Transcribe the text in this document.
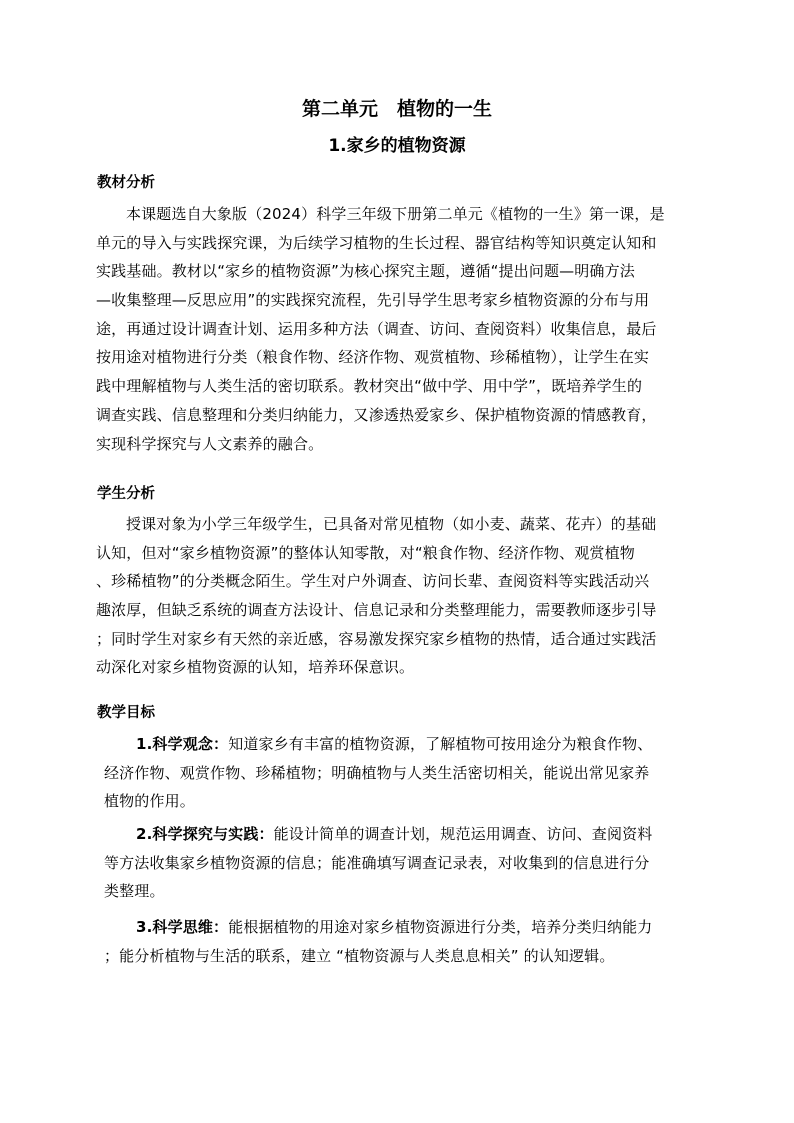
第二单元　植物的一生
1.家乡的植物资源
教材分析
本课题选自大象版（2024）科学三年级下册第二单元《植物的一生》第一课，是
单元的导入与实践探究课，为后续学习植物的生长过程、器官结构等知识奠定认知和
实践基础。教材以“家乡的植物资源”为核心探究主题，遵循“提出问题—明确方法
—收集整理—反思应用”的实践探究流程，先引导学生思考家乡植物资源的分布与用
途，再通过设计调查计划、运用多种方法（调查、访问、查阅资料）收集信息，最后
按用途对植物进行分类（粮食作物、经济作物、观赏植物、珍稀植物），让学生在实
践中理解植物与人类生活的密切联系。教材突出“做中学、用中学”，既培养学生的
调查实践、信息整理和分类归纳能力，又渗透热爱家乡、保护植物资源的情感教育，
实现科学探究与人文素养的融合。
学生分析
授课对象为小学三年级学生，已具备对常见植物（如小麦、蔬菜、花卉）的基础
认知，但对“家乡植物资源”的整体认知零散，对“粮食作物、经济作物、观赏植物
、珍稀植物”的分类概念陌生。学生对户外调查、访问长辈、查阅资料等实践活动兴
趣浓厚，但缺乏系统的调查方法设计、信息记录和分类整理能力，需要教师逐步引导
；同时学生对家乡有天然的亲近感，容易激发探究家乡植物的热情，适合通过实践活
动深化对家乡植物资源的认知，培养环保意识。
教学目标
1.科学观念：知道家乡有丰富的植物资源，了解植物可按用途分为粮食作物、
经济作物、观赏作物、珍稀植物；明确植物与人类生活密切相关，能说出常见家养
植物的作用。
2.科学探究与实践：能设计简单的调查计划，规范运用调查、访问、查阅资料
等方法收集家乡植物资源的信息；能准确填写调查记录表，对收集到的信息进行分
类整理。
3.科学思维：能根据植物的用途对家乡植物资源进行分类，培养分类归纳能力
；能分析植物与生活的联系，建立 “植物资源与人类息息相关” 的认知逻辑。
